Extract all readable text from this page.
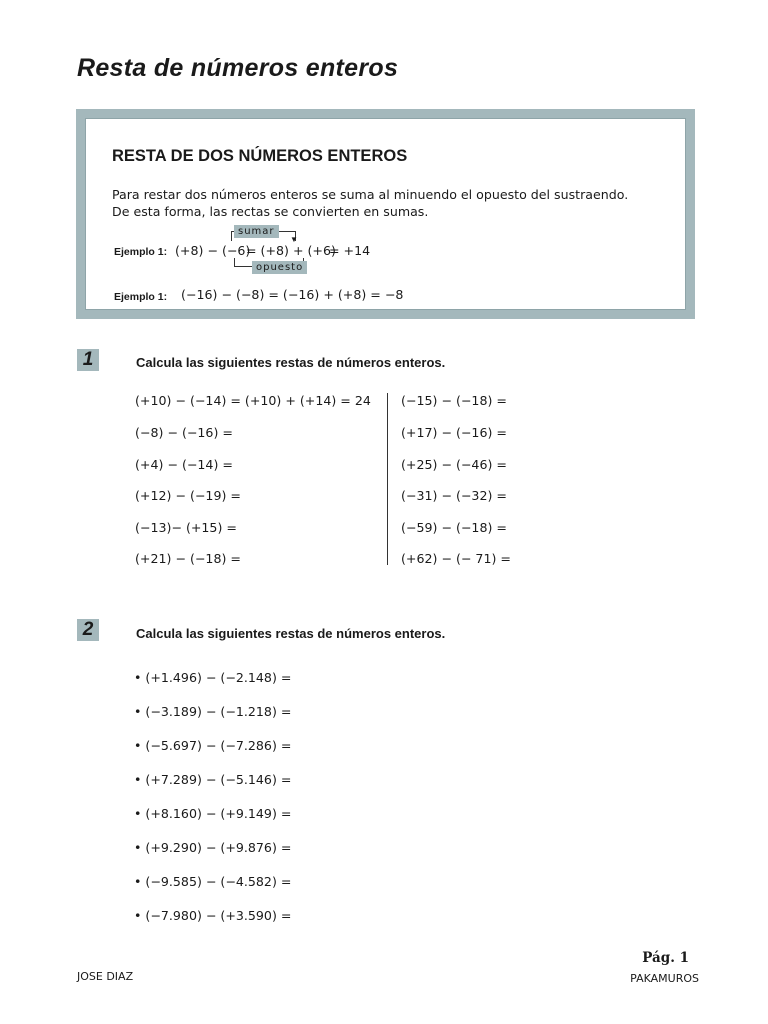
Resta de números enteros
RESTA DE DOS NÚMEROS ENTEROS
Para restar dos números enteros se suma al minuendo el opuesto del sustraendo.
De esta forma, las rectas se convierten en sumas.
Ejemplo 1: (+8) − (−6)
= (+8) + (+6)
= +14
▼
sumar
opuesto
Ejemplo 1: (−16) − (−8) = (−16) + (+8) = −8
1	Calcula las siguientes restas de números enteros.
(+10) − (−14) = (+10) + (+14) = 24
(−8) − (−16) =
(+4) − (−14) =
(+12) − (−19) =
(−13)− (+15) =
(+21) − (−18) =
(−15) − (−18) =
(+17) − (−16) =
(+25) − (−46) =
(−31) − (−32) =
(−59) − (−18) =
(+62) − (− 71) =
2	Calcula las siguientes restas de números enteros.
• (+1.496) − (−2.148) =
• (−3.189) − (−1.218) =
• (−5.697) − (−7.286) =
• (+7.289) − (−5.146) =
• (+8.160) − (+9.149) =
• (+9.290) − (+9.876) =
• (−9.585) − (−4.582) =
• (−7.980) − (+3.590) =
JOSE DIAZ
Pág. 1
PAKAMUROS
